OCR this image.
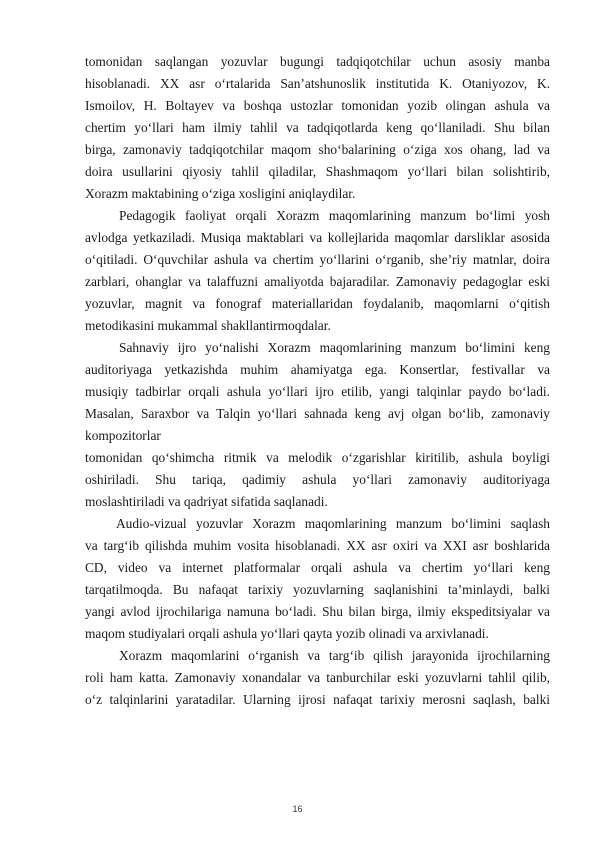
tomonidan saqlangan yozuvlar bugungi tadqiqotchilar uchun asosiy manba
hisoblanadi. XX asr o‘rtalarida San’atshunoslik institutida K. Otaniyozov, K.
Ismoilov, H. Boltayev va boshqa ustozlar tomonidan yozib olingan ashula va
chertim yo‘llari ham ilmiy tahlil va tadqiqotlarda keng qo‘llaniladi. Shu bilan
birga, zamonaviy tadqiqotchilar maqom sho‘balarining o‘ziga xos ohang, lad va
doira usullarini qiyosiy tahlil qiladilar, Shashmaqom yo‘llari bilan solishtirib,
Xorazm maktabining o‘ziga xosligini aniqlaydilar.
Pedagogik faoliyat orqali Xorazm maqomlarining manzum bo‘limi yosh
avlodga yetkaziladi. Musiqa maktablari va kollejlarida maqomlar darsliklar asosida
o‘qitiladi. O‘quvchilar ashula va chertim yo‘llarini o‘rganib, she’riy matnlar, doira
zarblari, ohanglar va talaffuzni amaliyotda bajaradilar. Zamonaviy pedagoglar eski
yozuvlar, magnit va fonograf materiallaridan foydalanib, maqomlarni o‘qitish
metodikasini mukammal shakllantirmoqdalar.
Sahnaviy ijro yo‘nalishi Xorazm maqomlarining manzum bo‘limini keng
auditoriyaga yetkazishda muhim ahamiyatga ega. Konsertlar, festivallar va
musiqiy tadbirlar orqali ashula yo‘llari ijro etilib, yangi talqinlar paydo bo‘ladi.
Masalan, Saraxbor va Talqin yo‘llari sahnada keng avj olgan bo‘lib, zamonaviy
kompozitorlar
tomonidan qo‘shimcha ritmik va melodik o‘zgarishlar kiritilib, ashula boyligi
oshiriladi. Shu tariqa, qadimiy ashula yo‘llari zamonaviy auditoriyaga
moslashtiriladi va qadriyat sifatida saqlanadi.
Audio-vizual yozuvlar Xorazm maqomlarining manzum bo‘limini saqlash
va targ‘ib qilishda muhim vosita hisoblanadi. XX asr oxiri va XXI asr boshlarida
CD, video va internet platformalar orqali ashula va chertim yo‘llari keng
tarqatilmoqda. Bu nafaqat tarixiy yozuvlarning saqlanishini ta’minlaydi, balki
yangi avlod ijrochilariga namuna bo‘ladi. Shu bilan birga, ilmiy ekspeditsiyalar va
maqom studiyalari orqali ashula yo‘llari qayta yozib olinadi va arxivlanadi.
Xorazm maqomlarini o‘rganish va targ‘ib qilish jarayonida ijrochilarning
roli ham katta. Zamonaviy xonandalar va tanburchilar eski yozuvlarni tahlil qilib,
o‘z talqinlarini yaratadilar. Ularning ijrosi nafaqat tarixiy merosni saqlash, balki
16
